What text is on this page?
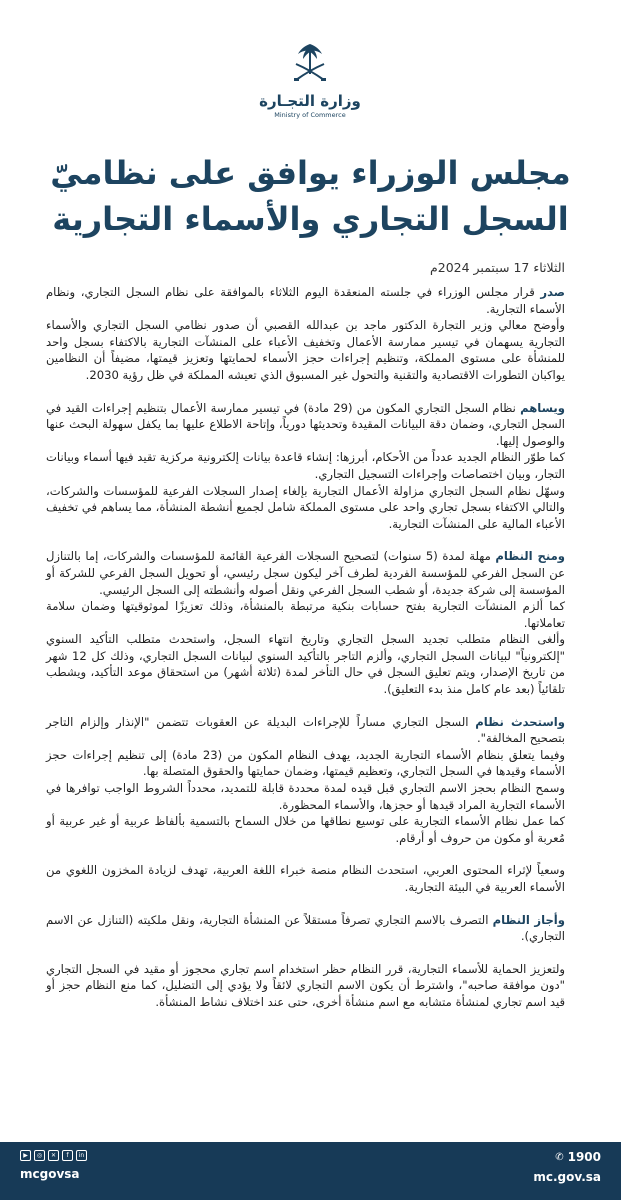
وزارة التجـارة
Ministry of Commerce
مجلس الوزراء يوافق على نظاميّ
السجل التجاري والأسماء التجارية
الثلاثاء 17 سبتمبر 2024م

صدر قرار مجلس الوزراء في جلسته المنعقدة اليوم الثلاثاء بالموافقة على نظام السجل التجاري، ونظام الأسماء التجارية.

وأوضح معالي وزير التجارة الدكتور ماجد بن عبدالله القصبي أن صدور نظامي السجل التجاري والأسماء التجارية يسهمان في تيسير ممارسة الأعمال وتخفيف الأعباء على المنشآت التجارية بالاكتفاء بسجل واحد للمنشأة على مستوى المملكة، وتنظيم إجراءات حجز الأسماء لحمايتها وتعزيز قيمتها، مضيفاً أن النظامين يواكبان التطورات الاقتصادية والتقنية والتحول غير المسبوق الذي تعيشه المملكة في ظل رؤية 2030.

ويساهم نظام السجل التجاري المكون من (29 مادة) في تيسير ممارسة الأعمال بتنظيم إجراءات القيد في السجل التجاري، وضمان دقة البيانات المقيدة وتحديثها دورياً، وإتاحة الاطلاع عليها بما يكفل سهولة البحث عنها والوصول إليها.

كما طوّر النظام الجديد عدداً من الأحكام، أبرزها: إنشاء قاعدة بيانات إلكترونية مركزية تقيد فيها أسماء وبيانات التجار، وبيان اختصاصات وإجراءات التسجيل التجاري.

وسهّل نظام السجل التجاري مزاولة الأعمال التجارية بإلغاء إصدار السجلات الفرعية للمؤسسات والشركات، والتالي الاكتفاء بسجل تجاري واحد على مستوى المملكة شامل لجميع أنشطة المنشأة، مما يساهم في تخفيف الأعباء المالية على المنشآت التجارية.

ومنح النظام مهلة لمدة (5 سنوات) لتصحيح السجلات الفرعية القائمة للمؤسسات والشركات، إما بالتنازل عن السجل الفرعي للمؤسسة الفردية لطرف آخر ليكون سجل رئيسي، أو تحويل السجل الفرعي للشركة أو المؤسسة إلى شركة جديدة، أو شطب السجل الفرعي ونقل أصوله وأنشطته إلى السجل الرئيسي.

كما ألزم المنشآت التجارية بفتح حسابات بنكية مرتبطة بالمنشأة، وذلك تعزيزًا لموثوقيتها وضمان سلامة تعاملاتها.

وألغى النظام متطلب تجديد السجل التجاري وتاريخ انتهاء السجل، واستحدث متطلب التأكيد السنوي "إلكترونياً" لبيانات السجل التجاري، وألزم التاجر بالتأكيد السنوي لبيانات السجل التجاري، وذلك كل 12 شهر من تاريخ الإصدار، ويتم تعليق السجل في حال التأخر لمدة (ثلاثة أشهر) من استحقاق موعد التأكيد، ويشطب تلقائياً (بعد عام كامل منذ بدء التعليق).

واستحدث نظام السجل التجاري مساراً للإجراءات البديلة عن العقوبات تتضمن "الإنذار وإلزام التاجر بتصحيح المخالفة".

وفيما يتعلق بنظام الأسماء التجارية الجديد، يهدف النظام المكون من (23 مادة) إلى تنظيم إجراءات حجز الأسماء وقيدها في السجل التجاري، وتعظيم قيمتها، وضمان حمايتها والحقوق المتصلة بها.

وسمح النظام بحجز الاسم التجاري قبل قيده لمدة محددة قابلة للتمديد، محدداً الشروط الواجب توافرها في الأسماء التجارية المراد قيدها أو حجزها، والأسماء المحظورة.

كما عمل نظام الأسماء التجارية على توسيع نطاقها من خلال السماح بالتسمية بألفاظ عربية أو غير عربية أو مُعربة أو مكون من حروف أو أرقام.

وسعياً لإثراء المحتوى العربي، استحدث النظام منصة خبراء اللغة العربية، تهدف لزيادة المخزون اللغوي من الأسماء العربية في البيئة التجارية.

وأجاز النظام التصرف بالاسم التجاري تصرفاً مستقلاً عن المنشأة التجارية، ونقل ملكيته (التنازل عن الاسم التجاري).

ولتعزيز الحماية للأسماء التجارية، قرر النظام حظر استخدام اسم تجاري محجوز أو مقيد في السجل التجاري "دون موافقة صاحبه"، واشترط أن يكون الاسم التجاري لائقاً ولا يؤدي إلى التضليل، كما منع النظام حجز أو قيد اسم تجاري لمنشأة متشابه مع اسم منشأة أخرى، حتى عند اختلاف نشاط المنشأة.

▶	◎	✕	f	in
mcgovsa
✆ 1900
mc.gov.sa
